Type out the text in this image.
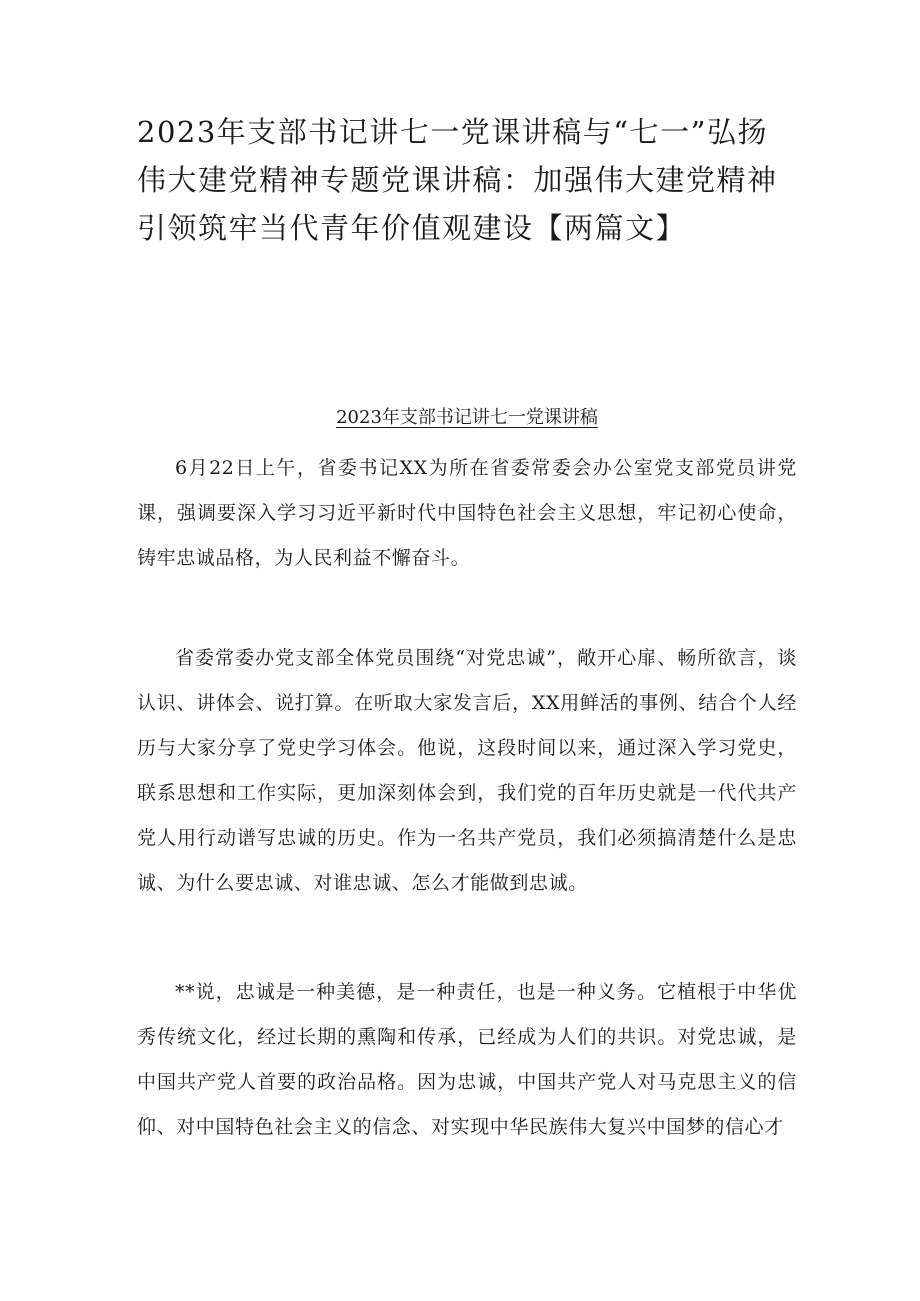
2023年支部书记讲七一党课讲稿与“七一”弘扬伟大建党精神专题党课讲稿：加强伟大建党精神引领筑牢当代青年价值观建设【两篇文】
2023年支部书记讲七一党课讲稿

6月22日上午，省委书记XX为所在省委常委会办公室党支部党员讲党课，强调要深入学习习近平新时代中国特色社会主义思想，牢记初心使命，铸牢忠诚品格，为人民利益不懈奋斗。

省委常委办党支部全体党员围绕“对党忠诚”，敞开心扉、畅所欲言，谈认识、讲体会、说打算。在听取大家发言后，XX用鲜活的事例、结合个人经历与大家分享了党史学习体会。他说，这段时间以来，通过深入学习党史，联系思想和工作实际，更加深刻体会到，我们党的百年历史就是一代代共产党人用行动谱写忠诚的历史。作为一名共产党员，我们必须搞清楚什么是忠诚、为什么要忠诚、对谁忠诚、怎么才能做到忠诚。

**说，忠诚是一种美德，是一种责任，也是一种义务。它植根于中华优秀传统文化，经过长期的熏陶和传承，已经成为人们的共识。对党忠诚，是中国共产党人首要的政治品格。因为忠诚，中国共产党人对马克思主义的信仰、对中国特色社会主义的信念、对实现中华民族伟大复兴中国梦的信心才
